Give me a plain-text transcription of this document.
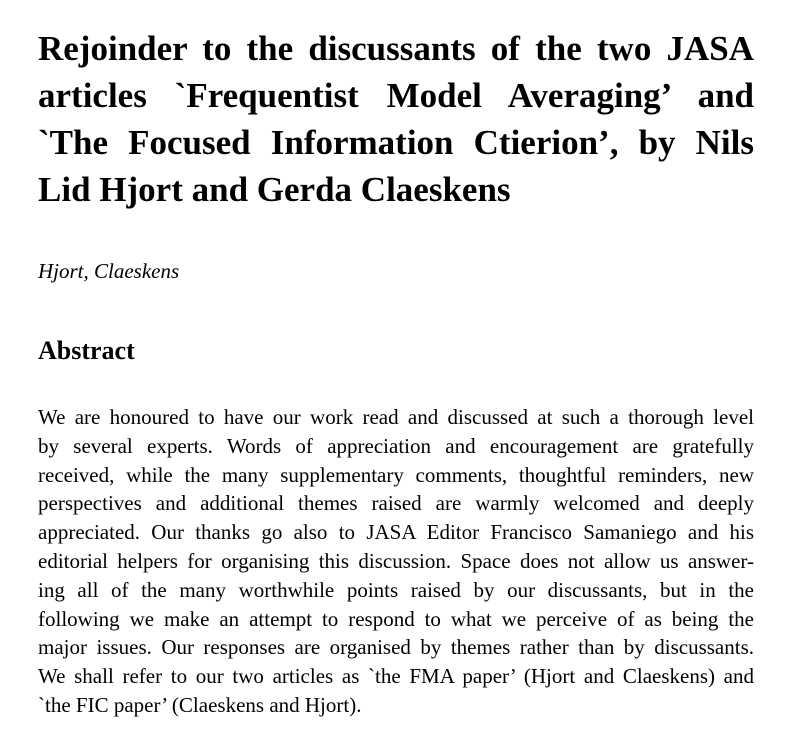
Rejoinder to the discussants of the two JASA
articles `Frequentist Model Averaging’ and
`The Focused Information Ctierion’, by Nils
Lid Hjort and Gerda Claeskens
Hjort, Claeskens
Abstract
We are honoured to have our work read and discussed at such a thorough level
by several experts. Words of appreciation and encouragement are gratefully
received, while the many supplementary comments, thoughtful reminders, new
perspectives and additional themes raised are warmly welcomed and deeply
appreciated. Our thanks go also to JASA Editor Francisco Samaniego and his
editorial helpers for organising this discussion. Space does not allow us answer-
ing all of the many worthwhile points raised by our discussants, but in the
following we make an attempt to respond to what we perceive of as being the
major issues. Our responses are organised by themes rather than by discussants.
We shall refer to our two articles as `the FMA paper’ (Hjort and Claeskens) and
`the FIC paper’ (Claeskens and Hjort).
